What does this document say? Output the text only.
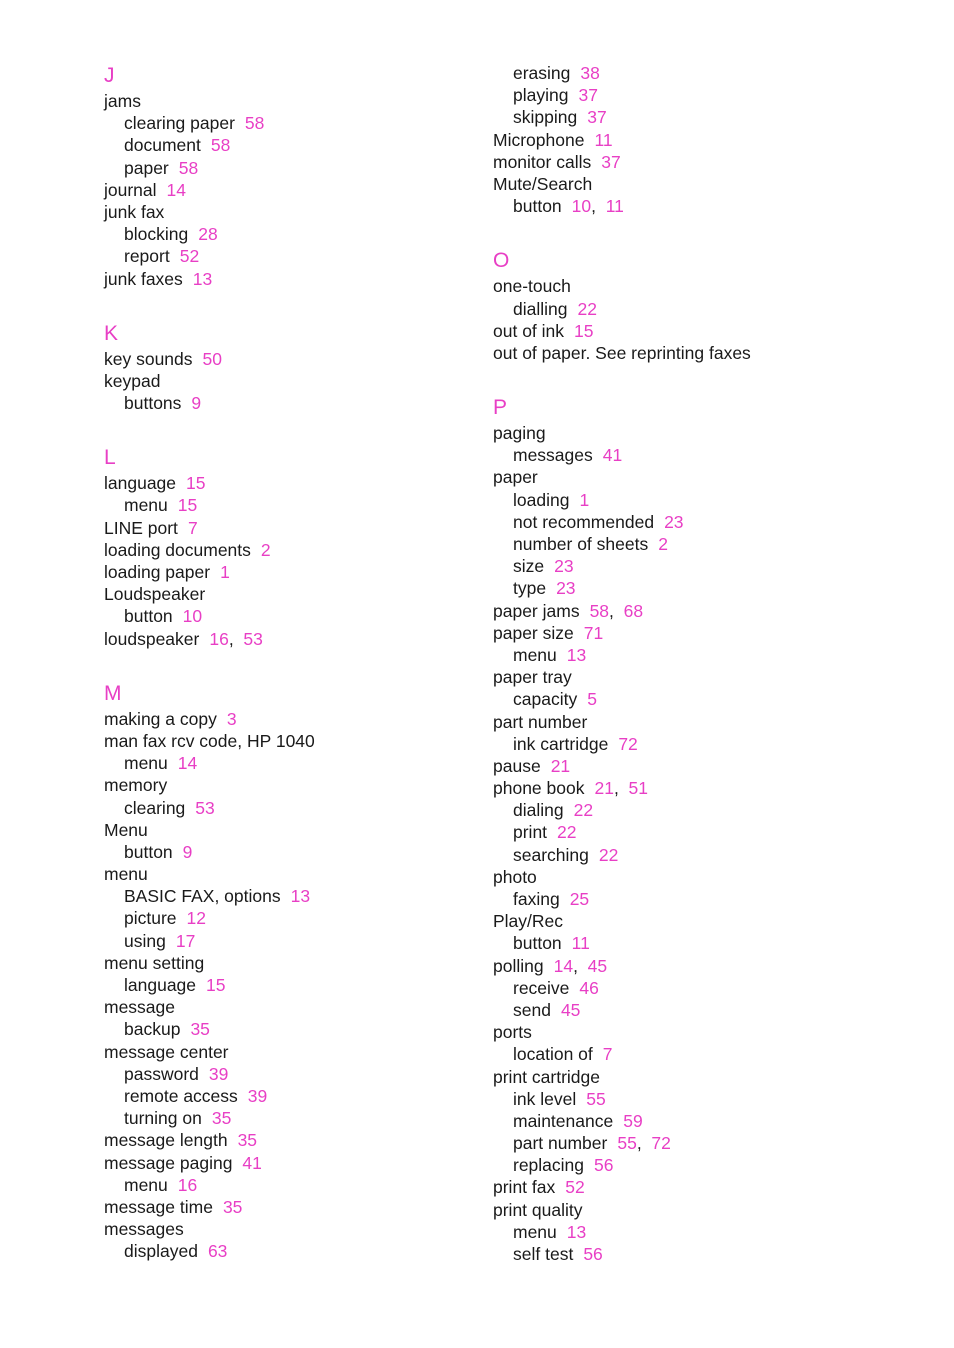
J
jams
clearing paper 58
document 58
paper 58
journal 14
junk fax
blocking 28
report 52
junk faxes 13
K
key sounds 50
keypad
buttons 9
L
language 15
menu 15
LINE port 7
loading documents 2
loading paper 1
Loudspeaker
button 10
loudspeaker 16,  53
M
making a copy 3
man fax rcv code, HP 1040
menu 14
memory
clearing 53
Menu
button 9
menu
BASIC FAX, options 13
picture 12
using 17
menu setting
language 15
message
backup 35
message center
password 39
remote access 39
turning on 35
message length 35
message paging 41
menu 16
message time 35
messages
displayed 63
erasing 38
playing 37
skipping 37
Microphone 11
monitor calls 37
Mute/Search
button 10,  11
O
one-touch
dialling 22
out of ink 15
out of paper. See reprinting faxes
P
paging
messages 41
paper
loading 1
not recommended 23
number of sheets 2
size 23
type 23
paper jams 58,  68
paper size 71
menu 13
paper tray
capacity 5
part number
ink cartridge 72
pause 21
phone book 21,  51
dialing 22
print 22
searching 22
photo
faxing 25
Play/Rec
button 11
polling 14,  45
receive 46
send 45
ports
location of 7
print cartridge
ink level 55
maintenance 59
part number 55,  72
replacing 56
print fax 52
print quality
menu 13
self test 56
